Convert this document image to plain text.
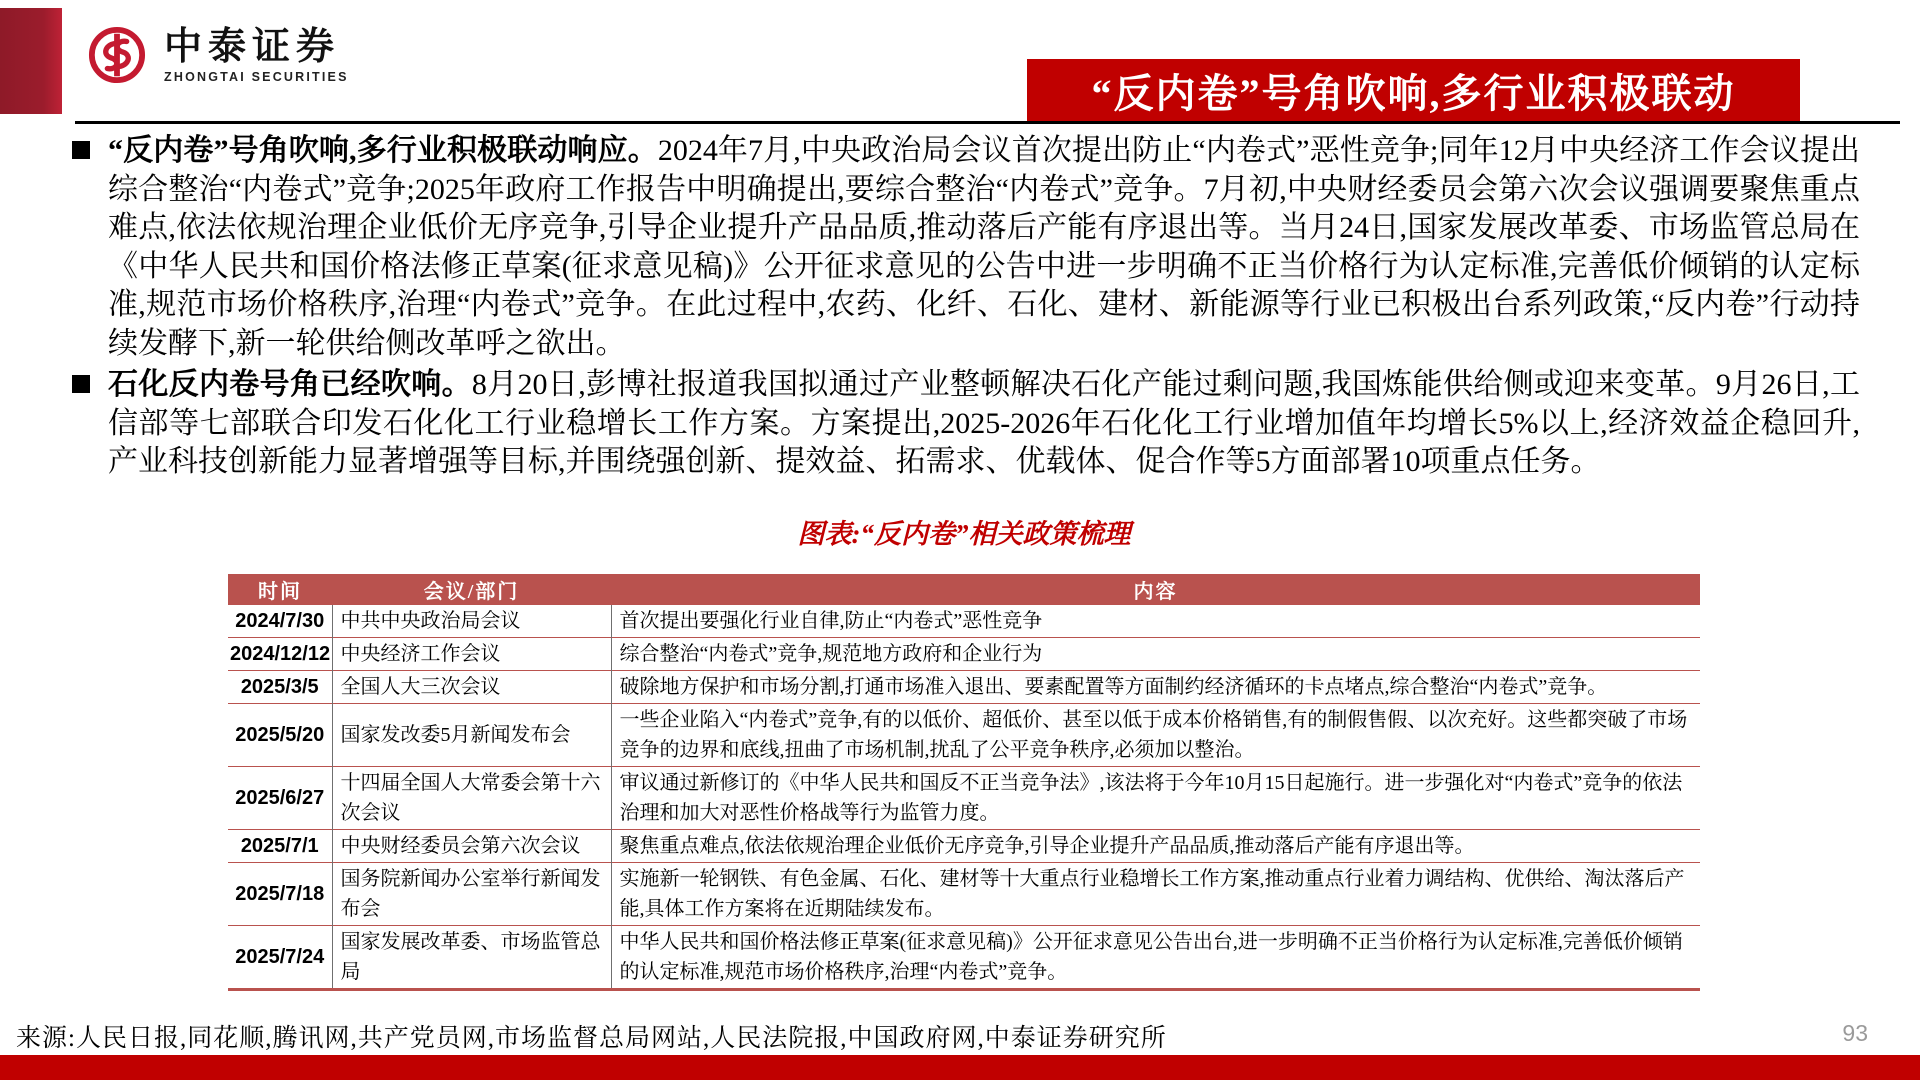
中泰证券
ZHONGTAI SECURITIES	“反内卷”号角吹响,多行业积极联动
“反内卷”号角吹响,多行业积极联动响应。2024年7月,中央政治局会议首次提出防止“内卷式”恶性竞争;同年12月中央经济工作会议提出综合整治“内卷式”竞争;2025年政府工作报告中明确提出,要综合整治“内卷式”竞争。7月初,中央财经委员会第六次会议强调要聚焦重点难点,依法依规治理企业低价无序竞争,引导企业提升产品品质,推动落后产能有序退出等。当月24日,国家发展改革委、市场监管总局在《中华人民共和国价格法修正草案(征求意见稿)》公开征求意见的公告中进一步明确不正当价格行为认定标准,完善低价倾销的认定标准,规范市场价格秩序,治理“内卷式”竞争。在此过程中,农药、化纤、石化、建材、新能源等行业已积极出台系列政策,“反内卷”行动持续发酵下,新一轮供给侧改革呼之欲出。
石化反内卷号角已经吹响。8月20日,彭博社报道我国拟通过产业整顿解决石化产能过剩问题,我国炼能供给侧或迎来变革。9月26日,工信部等七部联合印发石化化工行业稳增长工作方案。方案提出,2025-2026年石化化工行业增加值年均增长5%以上,经济效益企稳回升,产业科技创新能力显著增强等目标,并围绕强创新、提效益、拓需求、优载体、促合作等5方面部署10项重点任务。
图表:“反内卷”相关政策梳理
时间	会议/部门	内容
2024/7/30	中共中央政治局会议	首次提出要强化行业自律,防止“内卷式”恶性竞争
2024/12/12	中央经济工作会议	综合整治“内卷式”竞争,规范地方政府和企业行为
2025/3/5	全国人大三次会议	破除地方保护和市场分割,打通市场准入退出、要素配置等方面制约经济循环的卡点堵点,综合整治“内卷式”竞争。
2025/5/20	国家发改委5月新闻发布会	一些企业陷入“内卷式”竞争,有的以低价、超低价、甚至以低于成本价格销售,有的制假售假、以次充好。这些都突破了市场竞争的边界和底线,扭曲了市场机制,扰乱了公平竞争秩序,必须加以整治。
2025/6/27	十四届全国人大常委会第十六次会议	审议通过新修订的《中华人民共和国反不正当竞争法》,该法将于今年10月15日起施行。进一步强化对“内卷式”竞争的依法治理和加大对恶性价格战等行为监管力度。
2025/7/1	中央财经委员会第六次会议	聚焦重点难点,依法依规治理企业低价无序竞争,引导企业提升产品品质,推动落后产能有序退出等。
2025/7/18	国务院新闻办公室举行新闻发布会	实施新一轮钢铁、有色金属、石化、建材等十大重点行业稳增长工作方案,推动重点行业着力调结构、优供给、淘汰落后产能,具体工作方案将在近期陆续发布。
2025/7/24	国家发展改革委、市场监管总局	中华人民共和国价格法修正草案(征求意见稿)》公开征求意见公告出台,进一步明确不正当价格行为认定标准,完善低价倾销的认定标准,规范市场价格秩序,治理“内卷式”竞争。
来源:人民日报,同花顺,腾讯网,共产党员网,市场监督总局网站,人民法院报,中国政府网,中泰证券研究所	93
